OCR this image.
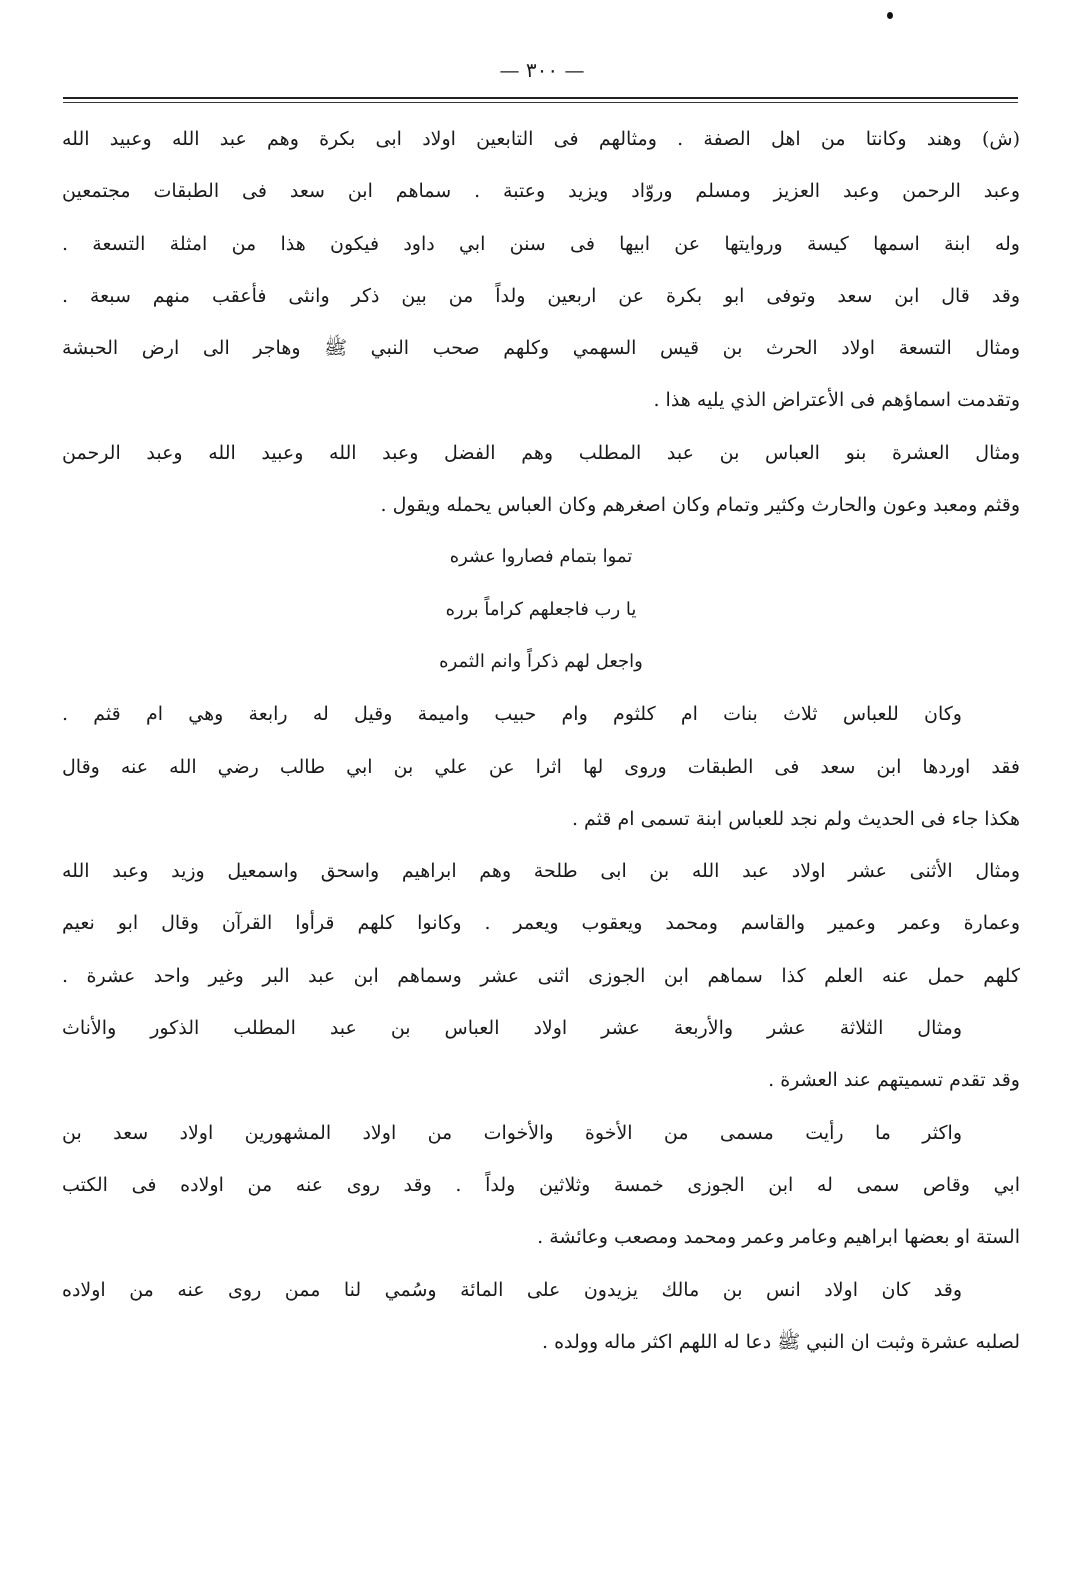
— ٣٠٠ —
(ش) وهند وكانتا من اهل الصفة . ومثالهم فى التابعين اولاد ابى بكرة وهم عبد الله وعبيد الله
وعبد الرحمن وعبد العزيز ومسلم وروّاد ويزيد وعتبة . سماهم ابن سعد فى الطبقات مجتمعين
وله ابنة اسمها كيسة وروايتها عن ابيها فى سنن ابي داود فيكون هذا من امثلة التسعة .
وقد قال ابن سعد وتوفى ابو بكرة عن اربعين ولداً من بين ذكر وانثى فأعقب منهم سبعة .
ومثال التسعة اولاد الحرث بن قيس السهمي وكلهم صحب النبي ﷺ وهاجر الى ارض الحبشة
وتقدمت اسماؤهم فى الأعتراض الذي يليه هذا .
ومثال العشرة بنو العباس بن عبد المطلب وهم الفضل وعبد الله وعبيد الله وعبد الرحمن
وقثم ومعبد وعون والحارث وكثير وتمام وكان اصغرهم وكان العباس يحمله ويقول .
تموا بتمام فصاروا عشره
يا رب فاجعلهم كراماً برره
واجعل لهم ذكراً وانم الثمره
وكان للعباس ثلاث بنات ام كلثوم وام حبيب واميمة وقيل له رابعة وهي ام قثم .
فقد اوردها ابن سعد فى الطبقات وروى لها اثرا عن علي بن ابي طالب رضي الله عنه وقال
هكذا جاء فى الحديث ولم نجد للعباس ابنة تسمى ام قثم .
ومثال الأثنى عشر اولاد عبد الله بن ابى طلحة وهم ابراهيم واسحق واسمعيل وزيد وعبد الله
وعمارة وعمر وعمير والقاسم ومحمد ويعقوب ويعمر . وكانوا كلهم قرأوا القرآن وقال ابو نعيم
كلهم حمل عنه العلم كذا سماهم ابن الجوزى اثنى عشر وسماهم ابن عبد البر وغير واحد عشرة .
ومثال الثلاثة عشر والأربعة عشر اولاد العباس بن عبد المطلب الذكور والأناث
وقد تقدم تسميتهم عند العشرة .
واكثر ما رأيت مسمى من الأخوة والأخوات من اولاد المشهورين اولاد سعد بن
ابي وقاص سمى له ابن الجوزى خمسة وثلاثين ولداً . وقد روى عنه من اولاده فى الكتب
الستة او بعضها ابراهيم وعامر وعمر ومحمد ومصعب وعائشة .
وقد كان اولاد انس بن مالك يزيدون على المائة وسُمي لنا ممن روى عنه من اولاده
لصلبه عشرة وثبت ان النبي ﷺ دعا له اللهم اكثر ماله وولده .
